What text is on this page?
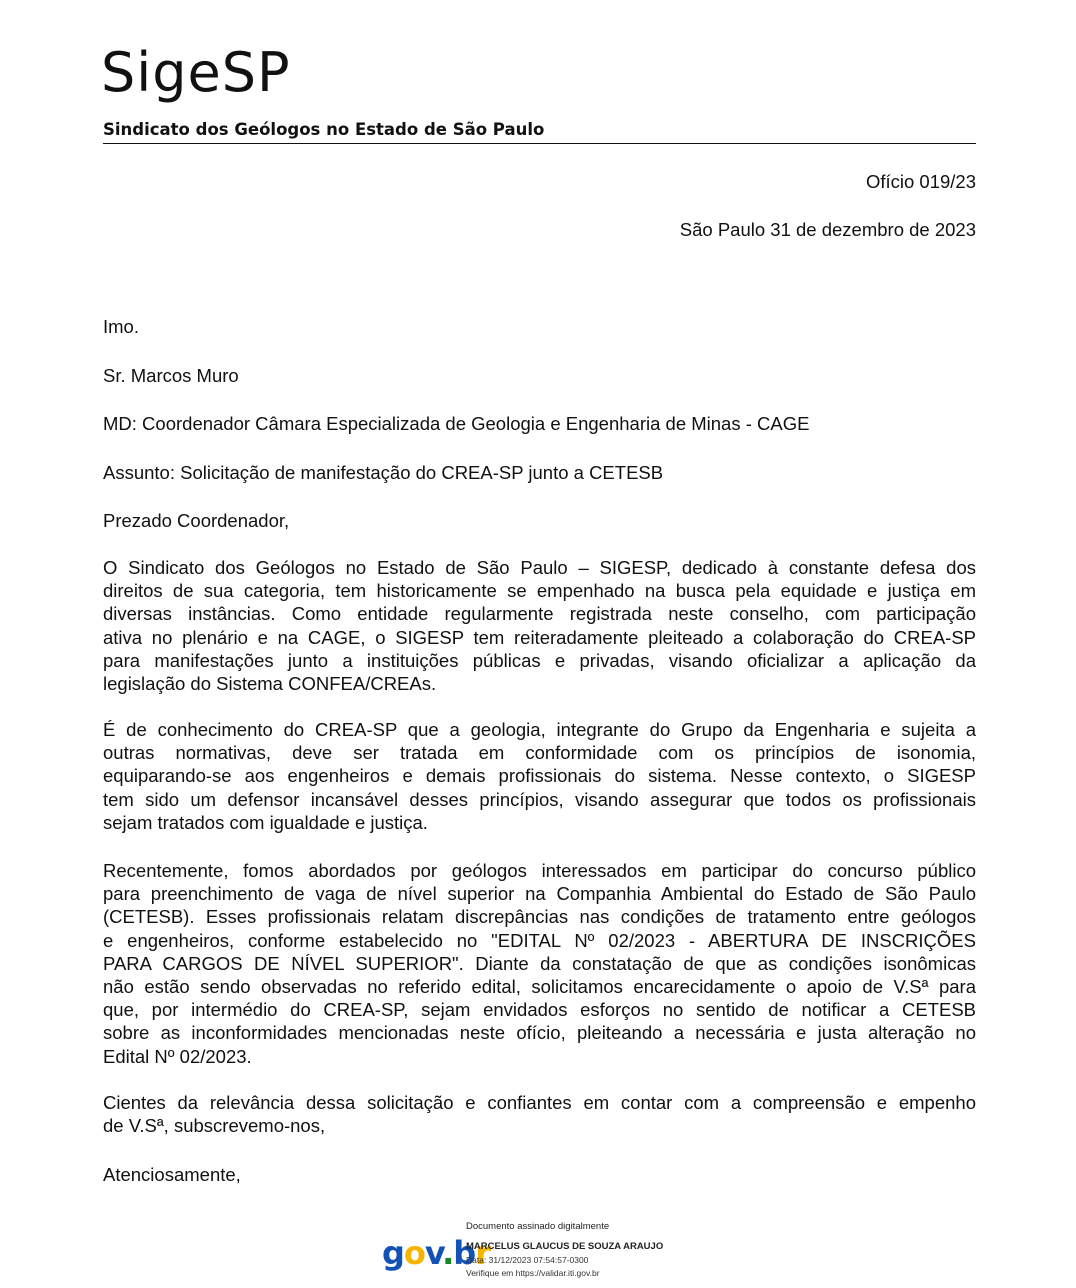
SigeSP
Sindicato dos Geólogos no Estado de São Paulo
Ofício 019/23
São Paulo 31 de dezembro de 2023
Imo.
Sr. Marcos Muro
MD: Coordenador Câmara Especializada de Geologia e Engenharia de Minas - CAGE
Assunto: Solicitação de manifestação do CREA-SP junto a CETESB
Prezado Coordenador,
O Sindicato dos Geólogos no Estado de São Paulo – SIGESP, dedicado à constante defesa dos
direitos de sua categoria, tem historicamente se empenhado na busca pela equidade e justiça em
diversas instâncias. Como entidade regularmente registrada neste conselho, com participação
ativa no plenário e na CAGE, o SIGESP tem reiteradamente pleiteado a colaboração do CREA-SP
para manifestações junto a instituições públicas e privadas, visando oficializar a aplicação da
legislação do Sistema CONFEA/CREAs.
É de conhecimento do CREA-SP que a geologia, integrante do Grupo da Engenharia e sujeita a
outras normativas, deve ser tratada em conformidade com os princípios de isonomia,
equiparando-se aos engenheiros e demais profissionais do sistema. Nesse contexto, o SIGESP
tem sido um defensor incansável desses princípios, visando assegurar que todos os profissionais
sejam tratados com igualdade e justiça.
Recentemente, fomos abordados por geólogos interessados em participar do concurso público
para preenchimento de vaga de nível superior na Companhia Ambiental do Estado de São Paulo
(CETESB). Esses profissionais relatam discrepâncias nas condições de tratamento entre geólogos
e engenheiros, conforme estabelecido no "EDITAL Nº 02/2023 - ABERTURA DE INSCRIÇÕES
PARA CARGOS DE NÍVEL SUPERIOR". Diante da constatação de que as condições isonômicas
não estão sendo observadas no referido edital, solicitamos encarecidamente o apoio de V.Sª para
que, por intermédio do CREA-SP, sejam envidados esforços no sentido de notificar a CETESB
sobre as inconformidades mencionadas neste ofício, pleiteando a necessária e justa alteração no
Edital Nº 02/2023.
Cientes da relevância dessa solicitação e confiantes em contar com a compreensão e empenho
de V.Sª, subscrevemo-nos,
Atenciosamente,
gov.br
Documento assinado digitalmente
MARCELUS GLAUCUS DE SOUZA ARAUJO
Data: 31/12/2023 07:54:57-0300
Verifique em https://validar.iti.gov.br
